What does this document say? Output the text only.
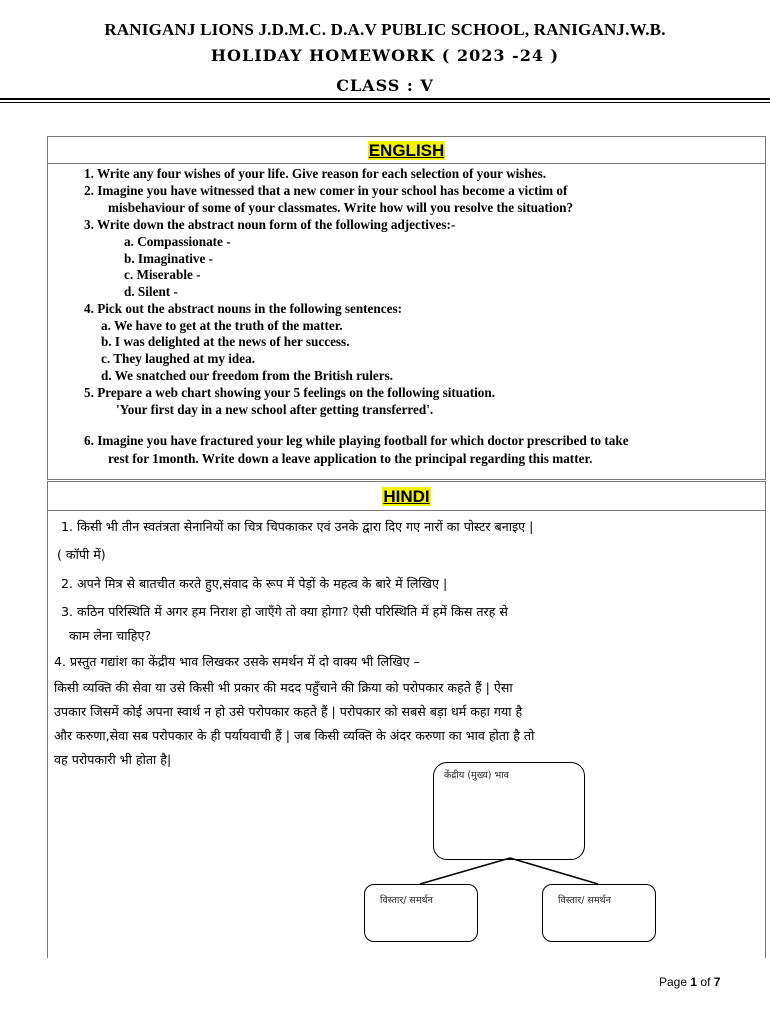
RANIGANJ LIONS J.D.M.C. D.A.V PUBLIC SCHOOL, RANIGANJ.W.B.
HOLIDAY HOMEWORK ( 2023 -24 )
CLASS : V
ENGLISH
1. Write any four wishes of your life. Give reason for each selection of your wishes.
2. Imagine you have witnessed that a new comer in your school has become a victim of
misbehaviour of some of your classmates. Write how will you resolve the situation?
3. Write down the abstract noun form of the following adjectives:-
a. Compassionate -
b. Imaginative -
c. Miserable -
d. Silent -
4. Pick out the abstract nouns in the following sentences:
a. We have to get at the truth of the matter.
b. I was delighted at the news of her success.
c. They laughed at my idea.
d. We snatched our freedom from the British rulers.
5. Prepare a web chart showing your 5 feelings on the following situation.
'Your first day in a new school after getting transferred'.
6. Imagine you have fractured your leg while playing football for which doctor prescribed to take
rest for 1month. Write down a leave application to the principal regarding this matter.
HINDI
1. किसी भी तीन स्वतंत्रता सेनानियों का चित्र चिपकाकर एवं उनके द्वारा दिए गए नारों का पोस्टर बनाइए |
( कॉपी में)
2. अपने मित्र से बातचीत करते हुए,संवाद के रूप में पेड़ों के महत्व के बारे में लिखिए |
3. कठिन परिस्थिति में अगर हम निराश हो जाएँगे तो क्या होगा? ऐसी परिस्थिति में हमें किस तरह से
काम लेना चाहिए?
4. प्रस्तुत गद्यांश का केंद्रीय भाव लिखकर उसके समर्थन में दो वाक्य भी लिखिए –
किसी व्यक्ति की सेवा या उसे किसी भी प्रकार की मदद पहुँचाने की क्रिया को परोपकार कहते हैं | ऐसा
उपकार जिसमें कोई अपना स्वार्थ न हो उसे परोपकार कहते हैं | परोपकार को सबसे बड़ा धर्म कहा गया है
और करुणा,सेवा सब परोपकार के ही पर्यायवाची हैं | जब किसी व्यक्ति के अंदर करुणा का भाव होता है तो
वह परोपकारी भी होता है|
केंद्रीय (मुख्य) भाव
विस्तार/ समर्थन	विस्तार/ समर्थन
Page 1 of 7
